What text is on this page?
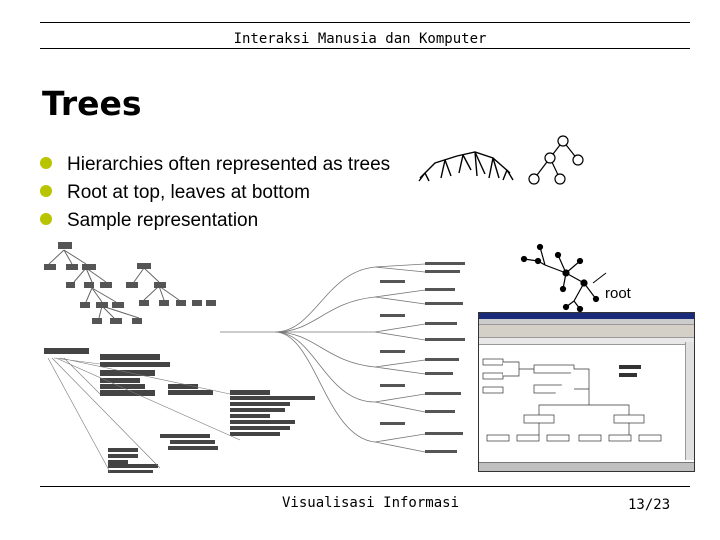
Interaksi Manusia dan Komputer
Trees
Hierarchies often represented as trees
Root at top, leaves at bottom
Sample representation
root
Visualisasi Informasi	13/23
